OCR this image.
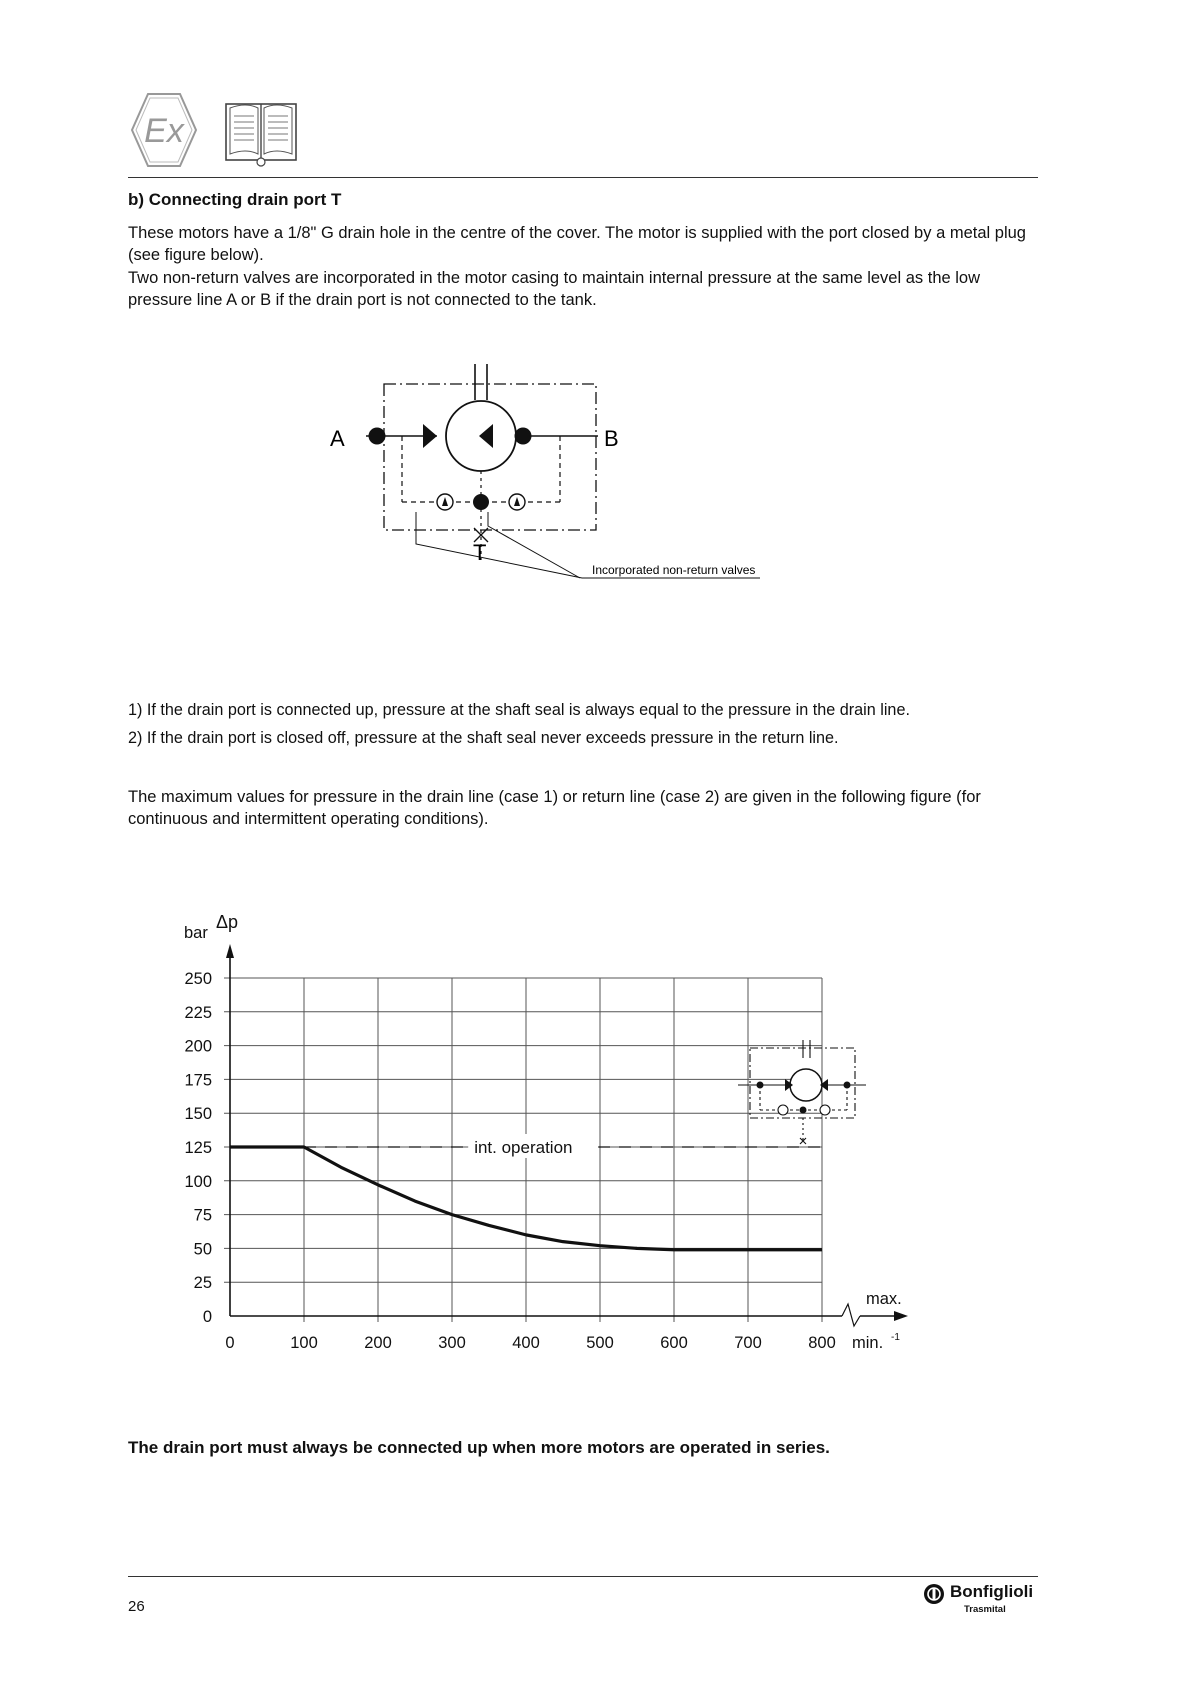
Ex
b) Connecting drain port T
These motors have a 1/8" G drain hole in the centre of the cover. The motor is supplied with the port closed by a metal plug (see figure below).
Two non-return valves are incorporated in the motor casing to maintain internal pressure at the same level as the low pressure line A or B if the drain port is not connected to the tank.
A	B
T
Incorporated non-return valves
1) If the drain port is connected up, pressure at the shaft seal is always equal to the pressure in the drain line.
2) If the drain port is closed off, pressure at the shaft seal never exceeds pressure in the return line.
The maximum values for pressure in the drain line (case 1) or return line (case 2) are given in the following figure (for continuous and intermittent operating conditions).
0
25
50
75
100
125
150
175
200
225
250
0	100	200	300	400	500	600	700	800
int. operation
Δp
bar
max.
min. -1
The drain port must always be connected up when more motors are operated in series.
26
Bonfiglioli
Trasmital
